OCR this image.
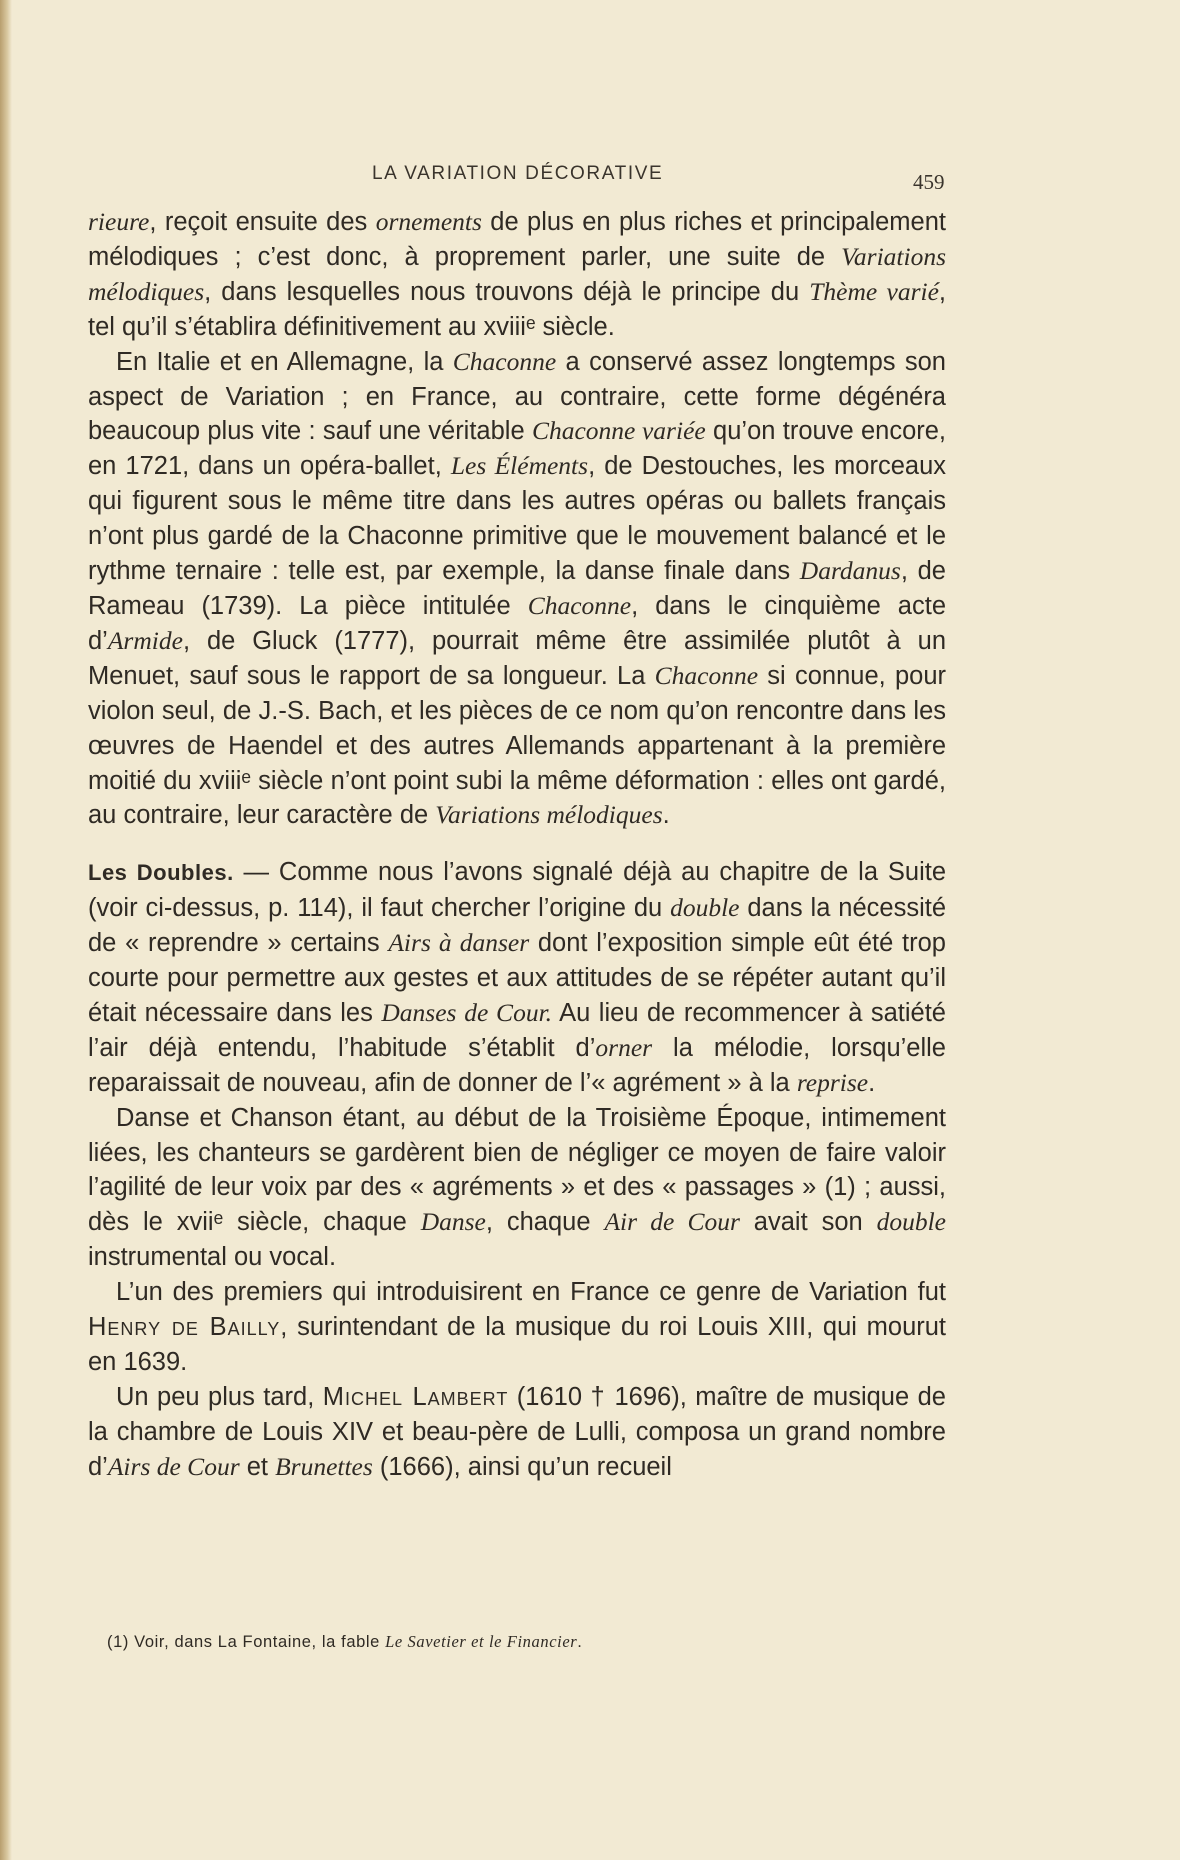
LA VARIATION DÉCORATIVE	459

rieure, reçoit ensuite des ornements de plus en plus riches et principalement mélodiques ; c’est donc, à proprement parler, une suite de Variations mélodiques, dans lesquelles nous trouvons déjà le principe du Thème varié, tel qu’il s’établira définitivement au xviiiᵉ siècle.

En Italie et en Allemagne, la Chaconne a conservé assez longtemps son aspect de Variation ; en France, au contraire, cette forme dégénéra beaucoup plus vite : sauf une véritable Chaconne variée qu’on trouve encore, en 1721, dans un opéra-ballet, Les Éléments, de Destouches, les morceaux qui figurent sous le même titre dans les autres opéras ou ballets français n’ont plus gardé de la Chaconne primitive que le mouvement balancé et le rythme ternaire : telle est, par exemple, la danse finale dans Dardanus, de Rameau (1739). La pièce intitulée Chaconne, dans le cinquième acte d’Armide, de Gluck (1777), pourrait même être assimilée plutôt à un Menuet, sauf sous le rapport de sa longueur. La Chaconne si connue, pour violon seul, de J.-S. Bach, et les pièces de ce nom qu’on rencontre dans les œuvres de Haendel et des autres Allemands appartenant à la première moitié du xviiiᵉ siècle n’ont point subi la même déformation : elles ont gardé, au contraire, leur caractère de Variations mélodiques.

Les Doubles. — Comme nous l’avons signalé déjà au chapitre de la Suite (voir ci-dessus, p. 114), il faut chercher l’origine du double dans la nécessité de « reprendre » certains Airs à danser dont l’exposition simple eût été trop courte pour permettre aux gestes et aux attitudes de se répéter autant qu’il était nécessaire dans les Danses de Cour. Au lieu de recommencer à satiété l’air déjà entendu, l’habitude s’établit d’orner la mélodie, lorsqu’elle reparaissait de nouveau, afin de donner de l’« agrément » à la reprise.

Danse et Chanson étant, au début de la Troisième Époque, intimement liées, les chanteurs se gardèrent bien de négliger ce moyen de faire valoir l’agilité de leur voix par des « agréments » et des « passages » (1) ; aussi, dès le xviiᵉ siècle, chaque Danse, chaque Air de Cour avait son double instrumental ou vocal.

L’un des premiers qui introduisirent en France ce genre de Variation fut Henry de Bailly, surintendant de la musique du roi Louis XIII, qui mourut en 1639.

Un peu plus tard, Michel Lambert (1610 † 1696), maître de musique de la chambre de Louis XIV et beau-père de Lulli, composa un grand nombre d’Airs de Cour et Brunettes (1666), ainsi qu’un recueil

(1) Voir, dans La Fontaine, la fable Le Savetier et le Financier.
